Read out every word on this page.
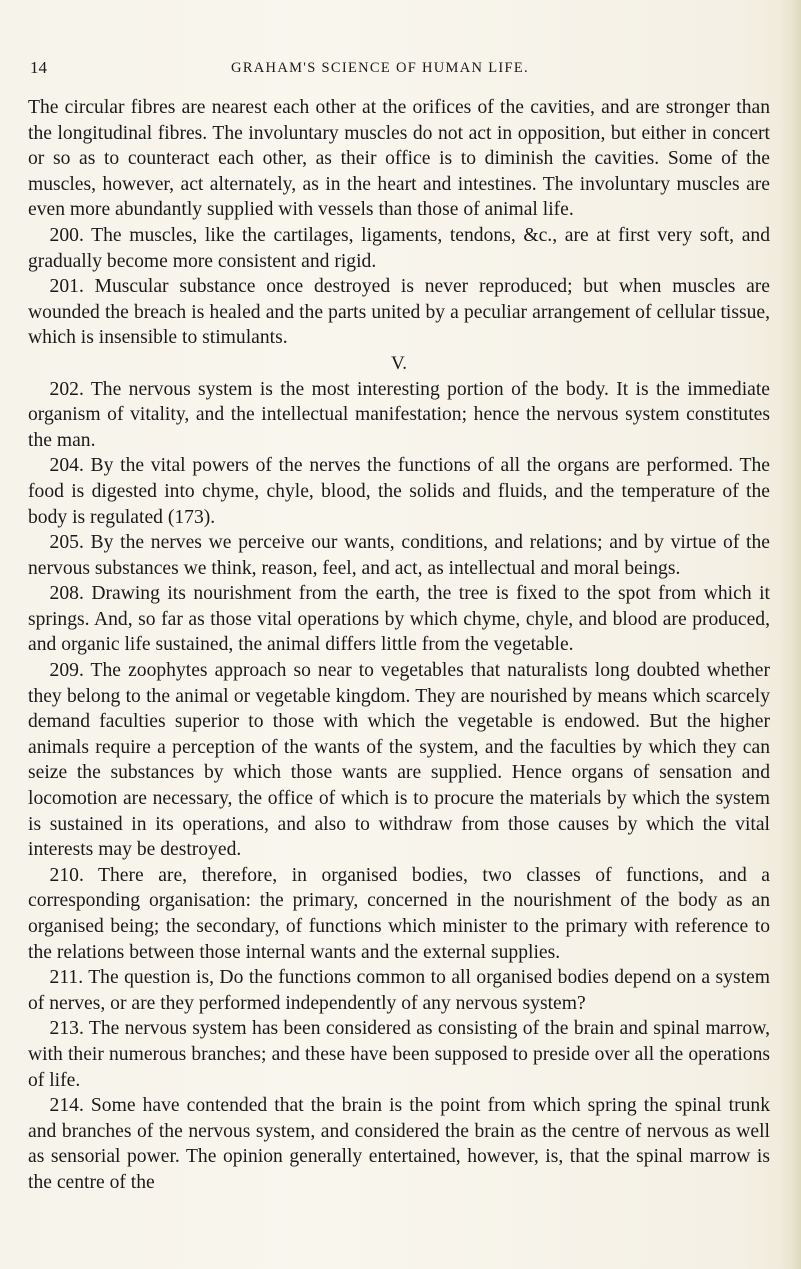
14	GRAHAM'S SCIENCE OF HUMAN LIFE.

The circular fibres are nearest each other at the orifices of the cavities, and are stronger than the longitudinal fibres. The involuntary muscles do not act in opposition, but either in concert or so as to counteract each other, as their office is to diminish the cavities. Some of the muscles, however, act alternately, as in the heart and intestines. The involuntary muscles are even more abundantly supplied with vessels than those of animal life.

200. The muscles, like the cartilages, ligaments, tendons, &c., are at first very soft, and gradually become more consistent and rigid.

201. Muscular substance once destroyed is never reproduced; but when muscles are wounded the breach is healed and the parts united by a peculiar arrangement of cellular tissue, which is insensible to stimulants.

V.

202. The nervous system is the most interesting portion of the body. It is the immediate organism of vitality, and the intellectual manifestation; hence the nervous system constitutes the man.

204. By the vital powers of the nerves the functions of all the organs are performed. The food is digested into chyme, chyle, blood, the solids and fluids, and the temperature of the body is regulated (173).

205. By the nerves we perceive our wants, conditions, and relations; and by virtue of the nervous substances we think, reason, feel, and act, as intellectual and moral beings.

208. Drawing its nourishment from the earth, the tree is fixed to the spot from which it springs. And, so far as those vital operations by which chyme, chyle, and blood are produced, and organic life sustained, the animal differs little from the vegetable.

209. The zoophytes approach so near to vegetables that naturalists long doubted whether they belong to the animal or vegetable kingdom. They are nourished by means which scarcely demand faculties superior to those with which the vegetable is endowed. But the higher animals require a perception of the wants of the system, and the faculties by which they can seize the substances by which those wants are supplied. Hence organs of sensation and locomotion are necessary, the office of which is to procure the materials by which the system is sustained in its operations, and also to withdraw from those causes by which the vital interests may be destroyed.

210. There are, therefore, in organised bodies, two classes of functions, and a corresponding organisation: the primary, concerned in the nourishment of the body as an organised being; the secondary, of functions which minister to the primary with reference to the relations between those internal wants and the external supplies.

211. The question is, Do the functions common to all organised bodies depend on a system of nerves, or are they performed independently of any nervous system?

213. The nervous system has been considered as consisting of the brain and spinal marrow, with their numerous branches; and these have been supposed to preside over all the operations of life.

214. Some have contended that the brain is the point from which spring the spinal trunk and branches of the nervous system, and considered the brain as the centre of nervous as well as sensorial power. The opinion generally entertained, however, is, that the spinal marrow is the centre of the
